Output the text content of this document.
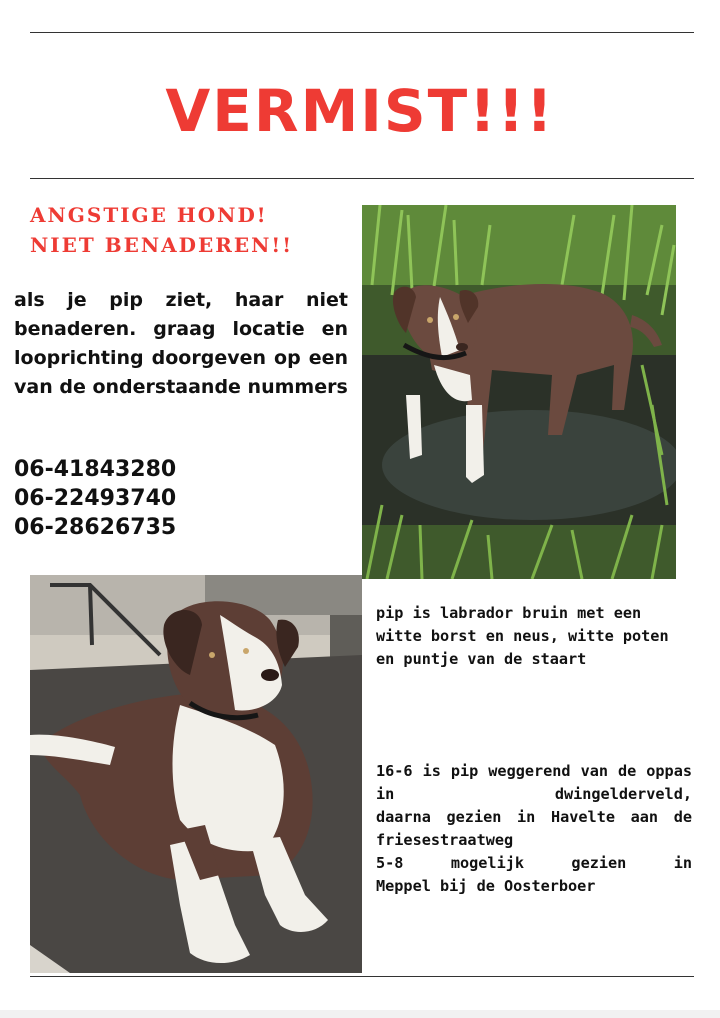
VERMIST!!!

ANGSTIGE HOND!
NIET BENADEREN!!

als je pip ziet, haar niet benaderen. graag locatie en looprichting doorgeven op een van de onderstaande nummers

06-41843280
06-22493740
06-28626735

pip is labrador bruin met een witte borst en neus, witte poten en puntje van de staart

16-6 is pip weggerend van de oppas in dwingelderveld,
daarna gezien in Havelte aan de friesestraatweg
5-8 mogelijk gezien in
Meppel bij de Oosterboer
